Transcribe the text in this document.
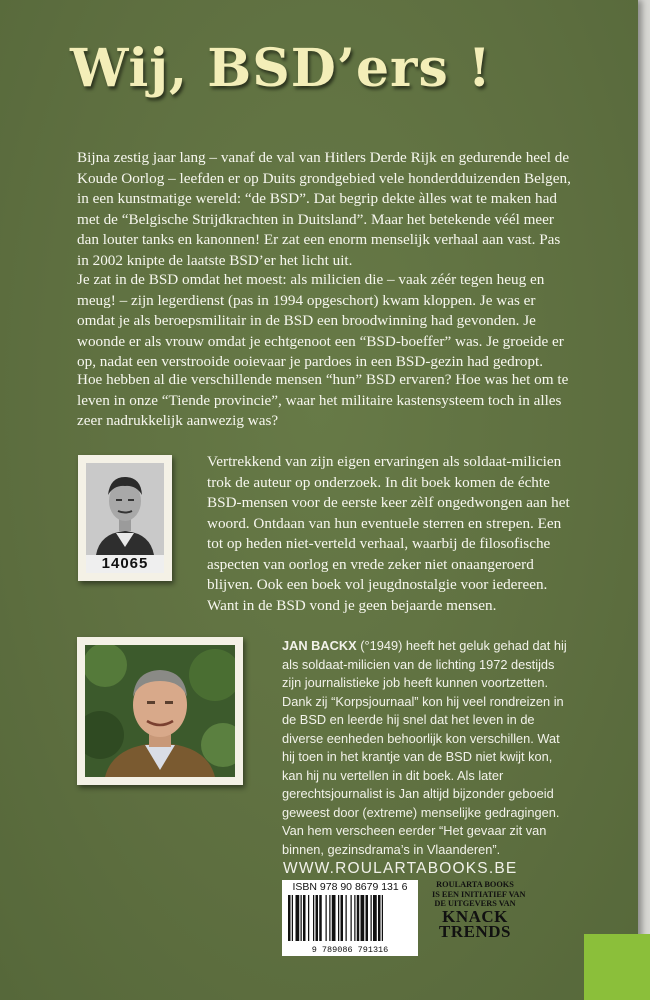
Wij, BSD’ers !

Bijna zestig jaar lang – vanaf de val van Hitlers Derde Rijk en gedurende heel de Koude Oorlog – leefden er op Duits grondgebied vele honderdduizenden Belgen, in een kunstmatige wereld: “de BSD”. Dat begrip dekte àlles wat te maken had met de “Belgische Strijdkrachten in Duitsland”. Maar het betekende véél meer dan louter tanks en kanonnen! Er zat een enorm menselijk verhaal aan vast. Pas in 2002 knipte de laatste BSD’er het licht uit.

Je zat in de BSD omdat het moest: als milicien die – vaak zéér tegen heug en meug! – zijn legerdienst (pas in 1994 opgeschort) kwam kloppen. Je was er omdat je als beroepsmilitair in de BSD een broodwinning had gevonden. Je woonde er als vrouw omdat je echtgenoot een “BSD-boeffer” was. Je groeide er op, nadat een verstrooide ooievaar je pardoes in een BSD-gezin had gedropt.

Hoe hebben al die verschillende mensen “hun” BSD ervaren? Hoe was het om te leven in onze “Tiende provincie”, waar het militaire kastensysteem toch in alles zeer nadrukkelijk aanwezig was?

14065

Vertrekkend van zijn eigen ervaringen als soldaat-milicien trok de auteur op onderzoek. In dit boek komen de échte BSD-mensen voor de eerste keer zèlf ongedwongen aan het woord. Ontdaan van hun eventuele sterren en strepen. Een tot op heden niet-verteld verhaal, waarbij de filosofische aspecten van oorlog en vrede zeker niet onaangeroerd blijven. Ook een boek vol jeugdnostalgie voor iedereen. Want in de BSD vond je geen bejaarde mensen.

JAN BACKX (°1949) heeft het geluk gehad dat hij als soldaat-milicien van de lichting 1972 destijds zijn journalistieke job heeft kunnen voortzetten. Dank zij “Korpsjournaal” kon hij veel rondreizen in de BSD en leerde hij snel dat het leven in de diverse eenheden behoorlijk kon verschillen. Wat hij toen in het krantje van de BSD niet kwijt kon, kan hij nu vertellen in dit boek. Als later gerechtsjournalist is Jan altijd bijzonder geboeid geweest door (extreme) menselijke gedragingen. Van hem verscheen eerder “Het gevaar zit van binnen, gezinsdrama’s in Vlaanderen”.

WWW.ROULARTABOOKS.BE

ISBN 978 90 8679 131 6
9 789086 791316
ROULARTA BOOKS
IS EEN INITIATIEF VAN
DE UITGEVERS VAN
KNACK
TRENDS
